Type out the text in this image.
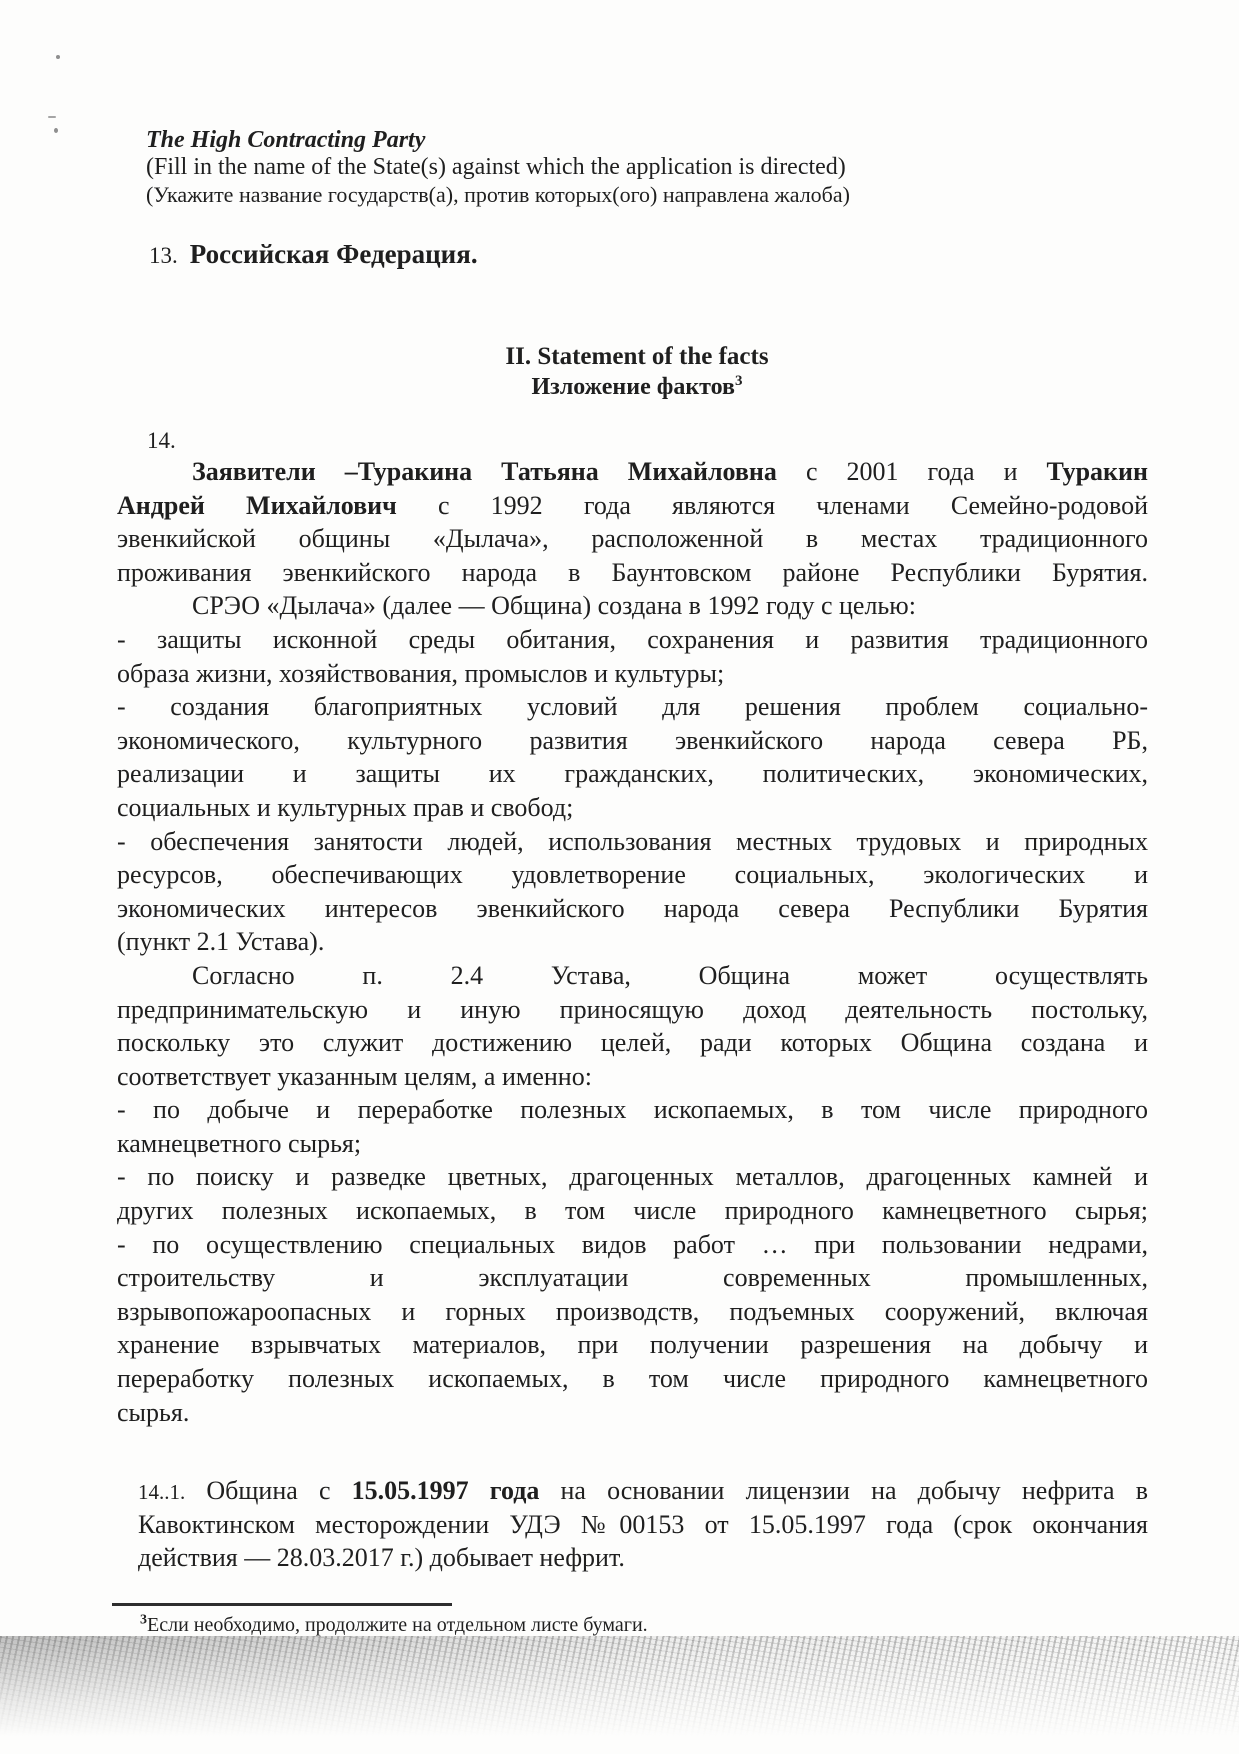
The High Contracting Party
(Fill in the name of the State(s) against which the application is directed)
(Укажите название государств(а), против которых(ого) направлена жалоба)
13. Российская Федерация.
II. Statement of the facts
Изложение фактов$^3$
14.
Заявители –Туракина Татьяна Михайловна с 2001 года и Туракин
Андрей Михайлович с 1992 года являются членами Семейно-родовой
эвенкийской общины «Дылача», расположенной в местах традиционного
проживания эвенкийского народа в Баунтовском районе Республики Бурятия.
СРЭО «Дылача» (далее — Община) создана в 1992 году с целью:
- защиты исконной среды обитания, сохранения и развития традиционного
образа жизни, хозяйствования, промыслов и культуры;
- создания благоприятных условий для решения проблем социально-
экономического, культурного развития эвенкийского народа севера РБ,
реализации и защиты их гражданских, политических, экономических,
социальных и культурных прав и свобод;
- обеспечения занятости людей, использования местных трудовых и природных
ресурсов, обеспечивающих удовлетворение социальных, экологических и
экономических интересов эвенкийского народа севера Республики Бурятия
(пункт 2.1 Устава).
Согласно п. 2.4 Устава, Община может осуществлять
предпринимательскую и иную приносящую доход деятельность постольку,
поскольку это служит достижению целей, ради которых Община создана и
соответствует указанным целям, а именно:
- по добыче и переработке полезных ископаемых, в том числе природного
камнецветного сырья;
- по поиску и разведке цветных, драгоценных металлов, драгоценных камней и
других полезных ископаемых, в том числе природного камнецветного сырья;
- по осуществлению специальных видов работ … при пользовании недрами,
строительству и эксплуатации современных промышленных,
взрывопожароопасных и горных производств, подъемных сооружений, включая
хранение взрывчатых материалов, при получении разрешения на добычу и
переработку полезных ископаемых, в том числе природного камнецветного
сырья.
14..1. Община с 15.05.1997 года на основании лицензии на добычу нефрита в
Кавоктинском месторождении УДЭ №00153 от 15.05.1997 года (срок окончания
действия — 28.03.2017 г.) добывает нефрит.
$^3$Если необходимо, продолжите на отдельном листе бумаги.
